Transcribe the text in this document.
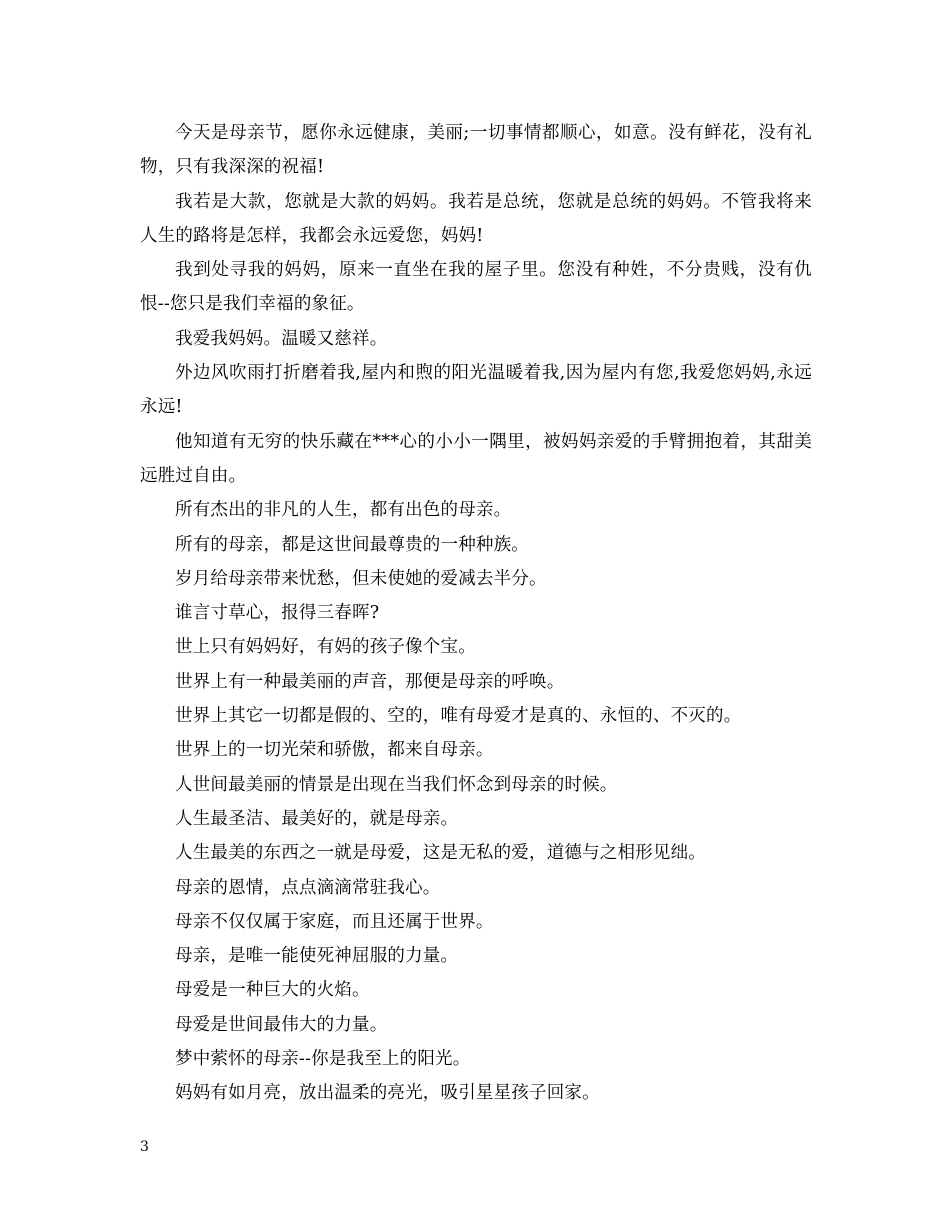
今天是母亲节，愿你永远健康，美丽;一切事情都顺心，如意。没有鲜花，没有礼物，只有我深深的祝福!

我若是大款，您就是大款的妈妈。我若是总统，您就是总统的妈妈。不管我将来人生的路将是怎样，我都会永远爱您，妈妈!

我到处寻我的妈妈，原来一直坐在我的屋子里。您没有种姓，不分贵贱，没有仇恨--您只是我们幸福的象征。

我爱我妈妈。温暖又慈祥。

外边风吹雨打折磨着我,屋内和煦的阳光温暖着我,因为屋内有您,我爱您妈妈,永远永远!

他知道有无穷的快乐藏在***心的小小一隅里，被妈妈亲爱的手臂拥抱着，其甜美远胜过自由。

所有杰出的非凡的人生，都有出色的母亲。

所有的母亲，都是这世间最尊贵的一种种族。

岁月给母亲带来忧愁，但未使她的爱减去半分。

谁言寸草心，报得三春晖?

世上只有妈妈好，有妈的孩子像个宝。

世界上有一种最美丽的声音，那便是母亲的呼唤。

世界上其它一切都是假的、空的，唯有母爱才是真的、永恒的、不灭的。

世界上的一切光荣和骄傲，都来自母亲。

人世间最美丽的情景是出现在当我们怀念到母亲的时候。

人生最圣洁、最美好的，就是母亲。

人生最美的东西之一就是母爱，这是无私的爱，道德与之相形见绌。

母亲的恩情，点点滴滴常驻我心。

母亲不仅仅属于家庭，而且还属于世界。

母亲，是唯一能使死神屈服的力量。

母爱是一种巨大的火焰。

母爱是世间最伟大的力量。

梦中萦怀的母亲--你是我至上的阳光。

妈妈有如月亮，放出温柔的亮光，吸引星星孩子回家。

3
